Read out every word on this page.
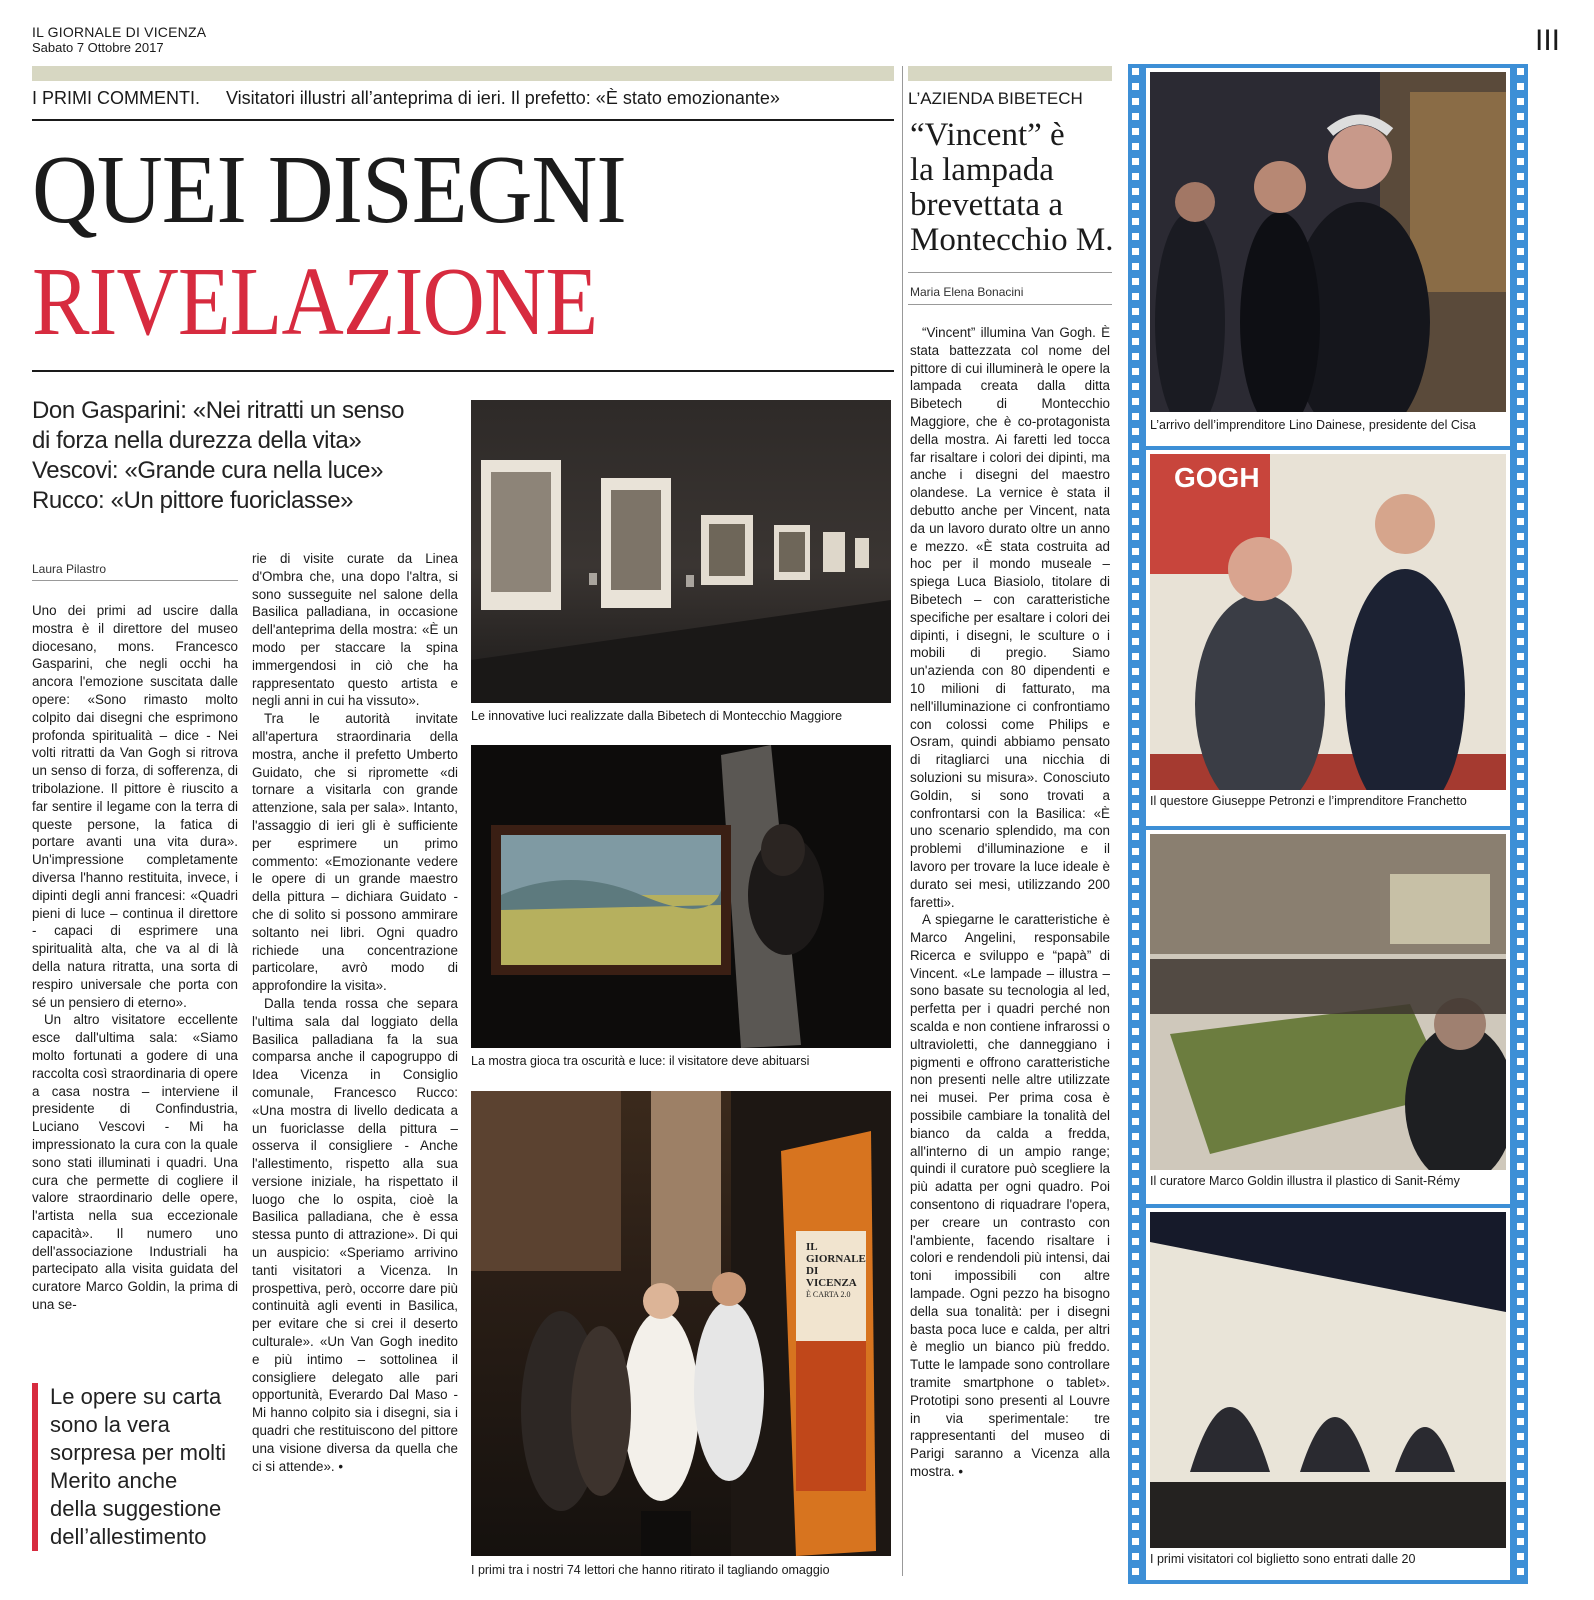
IL GIORNALE DI VICENZA
Sabato 7 Ottobre 2017	III
I PRIMI COMMENTI. Visitatori illustri all’anteprima di ieri. Il prefetto: «È stato emozionante»
QUEI DISEGNI
RIVELAZIONE
Don Gasparini: «Nei ritratti un senso
di forza nella durezza della vita»
Vescovi: «Grande cura nella luce»
Rucco: «Un pittore fuoriclasse»
Laura Pilastro

Uno dei primi ad uscire dalla mostra è il direttore del museo diocesano, mons. Francesco Gasparini, che negli occhi ha ancora l'emozione suscitata dalle opere: «Sono rimasto molto colpito dai disegni che esprimono profonda spiritualità – dice - Nei volti ritratti da Van Gogh si ritrova un senso di forza, di sofferenza, di tribolazione. Il pittore è riuscito a far sentire il legame con la terra di queste persone, la fatica di portare avanti una vita dura». Un'impressione completamente diversa l'hanno restituita, invece, i dipinti degli anni francesi: «Quadri pieni di luce – continua il direttore - capaci di esprimere una spiritualità alta, che va al di là della natura ritratta, una sorta di respiro universale che porta con sé un pensiero di eterno».

Un altro visitatore eccellente esce dall'ultima sala: «Siamo molto fortunati a godere di una raccolta così straordinaria di opere a casa nostra – interviene il presidente di Confindustria, Luciano Vescovi - Mi ha impressionato la cura con la quale sono stati illuminati i quadri. Una cura che permette di cogliere il valore straordinario delle opere, l'artista nella sua eccezionale capacità». Il numero uno dell'associazione Industriali ha partecipato alla visita guidata del curatore Marco Goldin, la prima di una se-

rie di visite curate da Linea d'Ombra che, una dopo l'altra, si sono susseguite nel salone della Basilica palladiana, in occasione dell'anteprima della mostra: «È un modo per staccare la spina immergendosi in ciò che ha rappresentato questo artista e negli anni in cui ha vissuto».

Tra le autorità invitate all'apertura straordinaria della mostra, anche il prefetto Umberto Guidato, che si ripromette «di tornare a visitarla con grande attenzione, sala per sala». Intanto, l'assaggio di ieri gli è sufficiente per esprimere un primo commento: «Emozionante vedere le opere di un grande maestro della pittura – dichiara Guidato - che di solito si possono ammirare soltanto nei libri. Ogni quadro richiede una concentrazione particolare, avrò modo di approfondire la visita».

Dalla tenda rossa che separa l'ultima sala dal loggiato della Basilica palladiana fa la sua comparsa anche il capogruppo di Idea Vicenza in Consiglio comunale, Francesco Rucco: «Una mostra di livello dedicata a un fuoriclasse della pittura – osserva il consigliere - Anche l'allestimento, rispetto alla sua versione iniziale, ha rispettato il luogo che lo ospita, cioè la Basilica palladiana, che è essa stessa punto di attrazione». Di qui un auspicio: «Speriamo arrivino tanti visitatori a Vicenza. In prospettiva, però, occorre dare più continuità agli eventi in Basilica, per evitare che si crei il deserto culturale». «Un Van Gogh inedito e più intimo – sottolinea il consigliere delegato alle pari opportunità, Everardo Dal Maso - Mi hanno colpito sia i disegni, sia i quadri che restituiscono del pittore una visione diversa da quella che ci si attende». •

Le opere su carta
sono la vera
sorpresa per molti
Merito anche
della suggestione
dell’allestimento
Le innovative luci realizzate dalla Bibetech di Montecchio Maggiore
La mostra gioca tra oscurità e luce: il visitatore deve abituarsi
IL GIORNALE
DI VICENZA
È CARTA 2.0
I primi tra i nostri 74 lettori che hanno ritirato il tagliando omaggio
L’AZIENDA BIBETECH
“Vincent” è
la lampada
brevettata a
Montecchio M.
Maria Elena Bonacini

“Vincent” illumina Van Gogh. È stata battezzata col nome del pittore di cui illuminerà le opere la lampada creata dalla ditta Bibetech di Montecchio Maggiore, che è co-protagonista della mostra. Ai faretti led tocca far risaltare i colori dei dipinti, ma anche i disegni del maestro olandese. La vernice è stata il debutto anche per Vincent, nata da un lavoro durato oltre un anno e mezzo. «È stata costruita ad hoc per il mondo museale – spiega Luca Biasiolo, titolare di Bibetech – con caratteristiche specifiche per esaltare i colori dei dipinti, i disegni, le sculture o i mobili di pregio. Siamo un'azienda con 80 dipendenti e 10 milioni di fatturato, ma nell'illuminazione ci confrontiamo con colossi come Philips e Osram, quindi abbiamo pensato di ritagliarci una nicchia di soluzioni su misura». Conosciuto Goldin, si sono trovati a confrontarsi con la Basilica: «È uno scenario splendido, ma con problemi d'illuminazione e il lavoro per trovare la luce ideale è durato sei mesi, utilizzando 200 faretti».

A spiegarne le caratteristiche è Marco Angelini, responsabile Ricerca e sviluppo e “papà” di Vincent. «Le lampade – illustra – sono basate su tecnologia al led, perfetta per i quadri perché non scalda e non contiene infrarossi o ultravioletti, che danneggiano i pigmenti e offrono caratteristiche non presenti nelle altre utilizzate nei musei. Per prima cosa è possibile cambiare la tonalità del bianco da calda a fredda, all'interno di un ampio range; quindi il curatore può scegliere la più adatta per ogni quadro. Poi consentono di riquadrare l'opera, per creare un contrasto con l'ambiente, facendo risaltare i colori e rendendoli più intensi, dai toni impossibili con altre lampade. Ogni pezzo ha bisogno della sua tonalità: per i disegni basta poca luce e calda, per altri è meglio un bianco più freddo. Tutte le lampade sono controllare tramite smartphone o tablet». Prototipi sono presenti al Louvre in via sperimentale: tre rappresentanti del museo di Parigi saranno a Vicenza alla mostra. •

L’arrivo dell’imprenditore Lino Dainese, presidente del Cisa
GOGH
Il questore Giuseppe Petronzi e l’imprenditore Franchetto
Il curatore Marco Goldin illustra il plastico di Sanit-Rémy
I primi visitatori col biglietto sono entrati dalle 20
